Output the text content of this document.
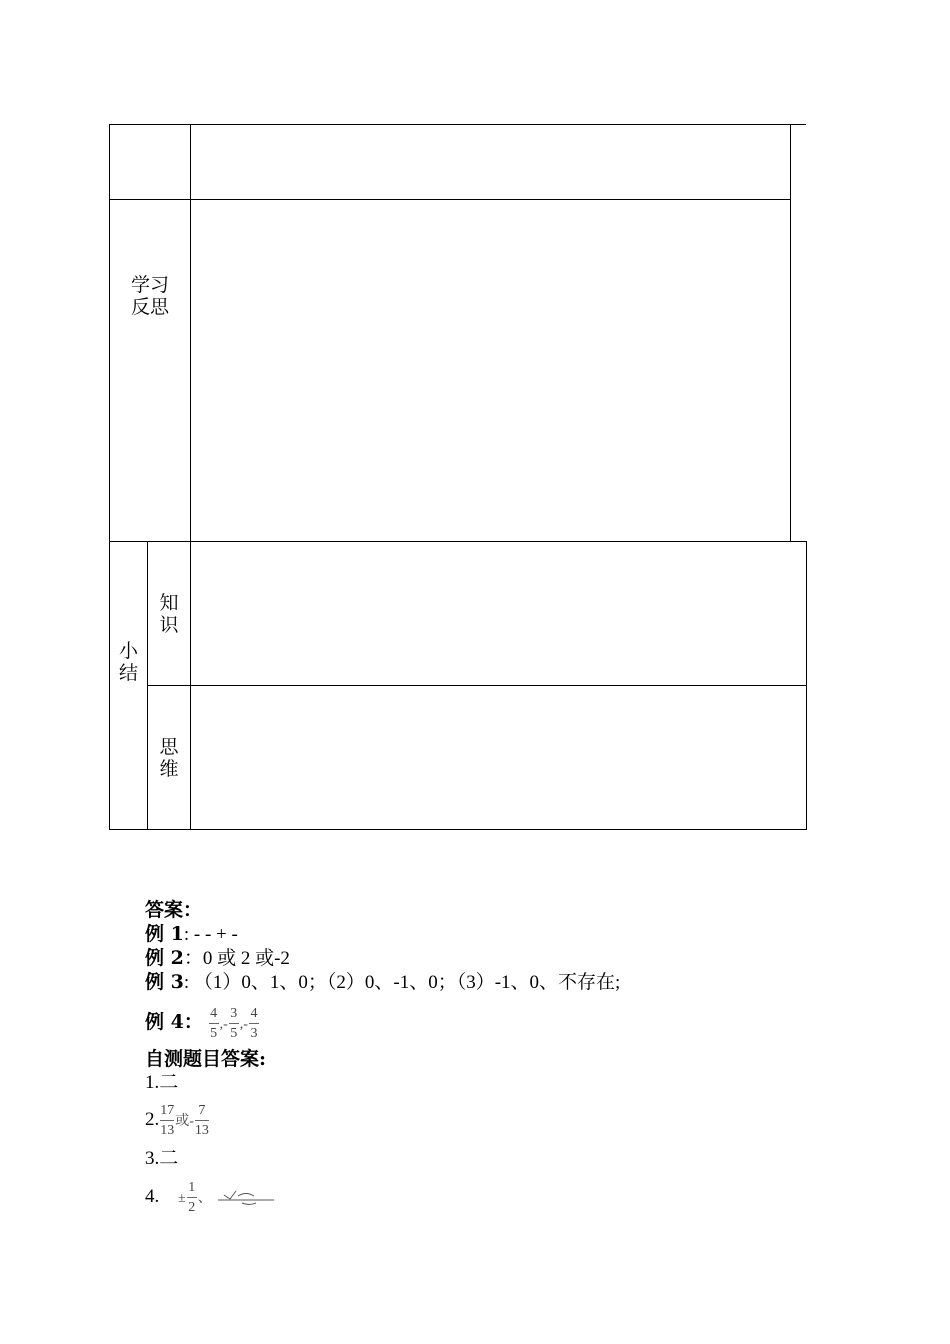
学习
反思
小
结
知
识
思
维
答案：
例 1: - - + -
例 2：0 或 2 或-2
例 3: （1）0、1、0；（2）0、-1、0；（3）-1、0、不存在;
例 4： $\frac{4}{5}$ ,- $\frac{3}{5}$ ,- $\frac{4}{3}$
自测题目答案:
1.二
2. $\frac{17}{13}$ 或- $\frac{7}{13}$
3.二
4. ± $\frac{1}{2}$ 、
